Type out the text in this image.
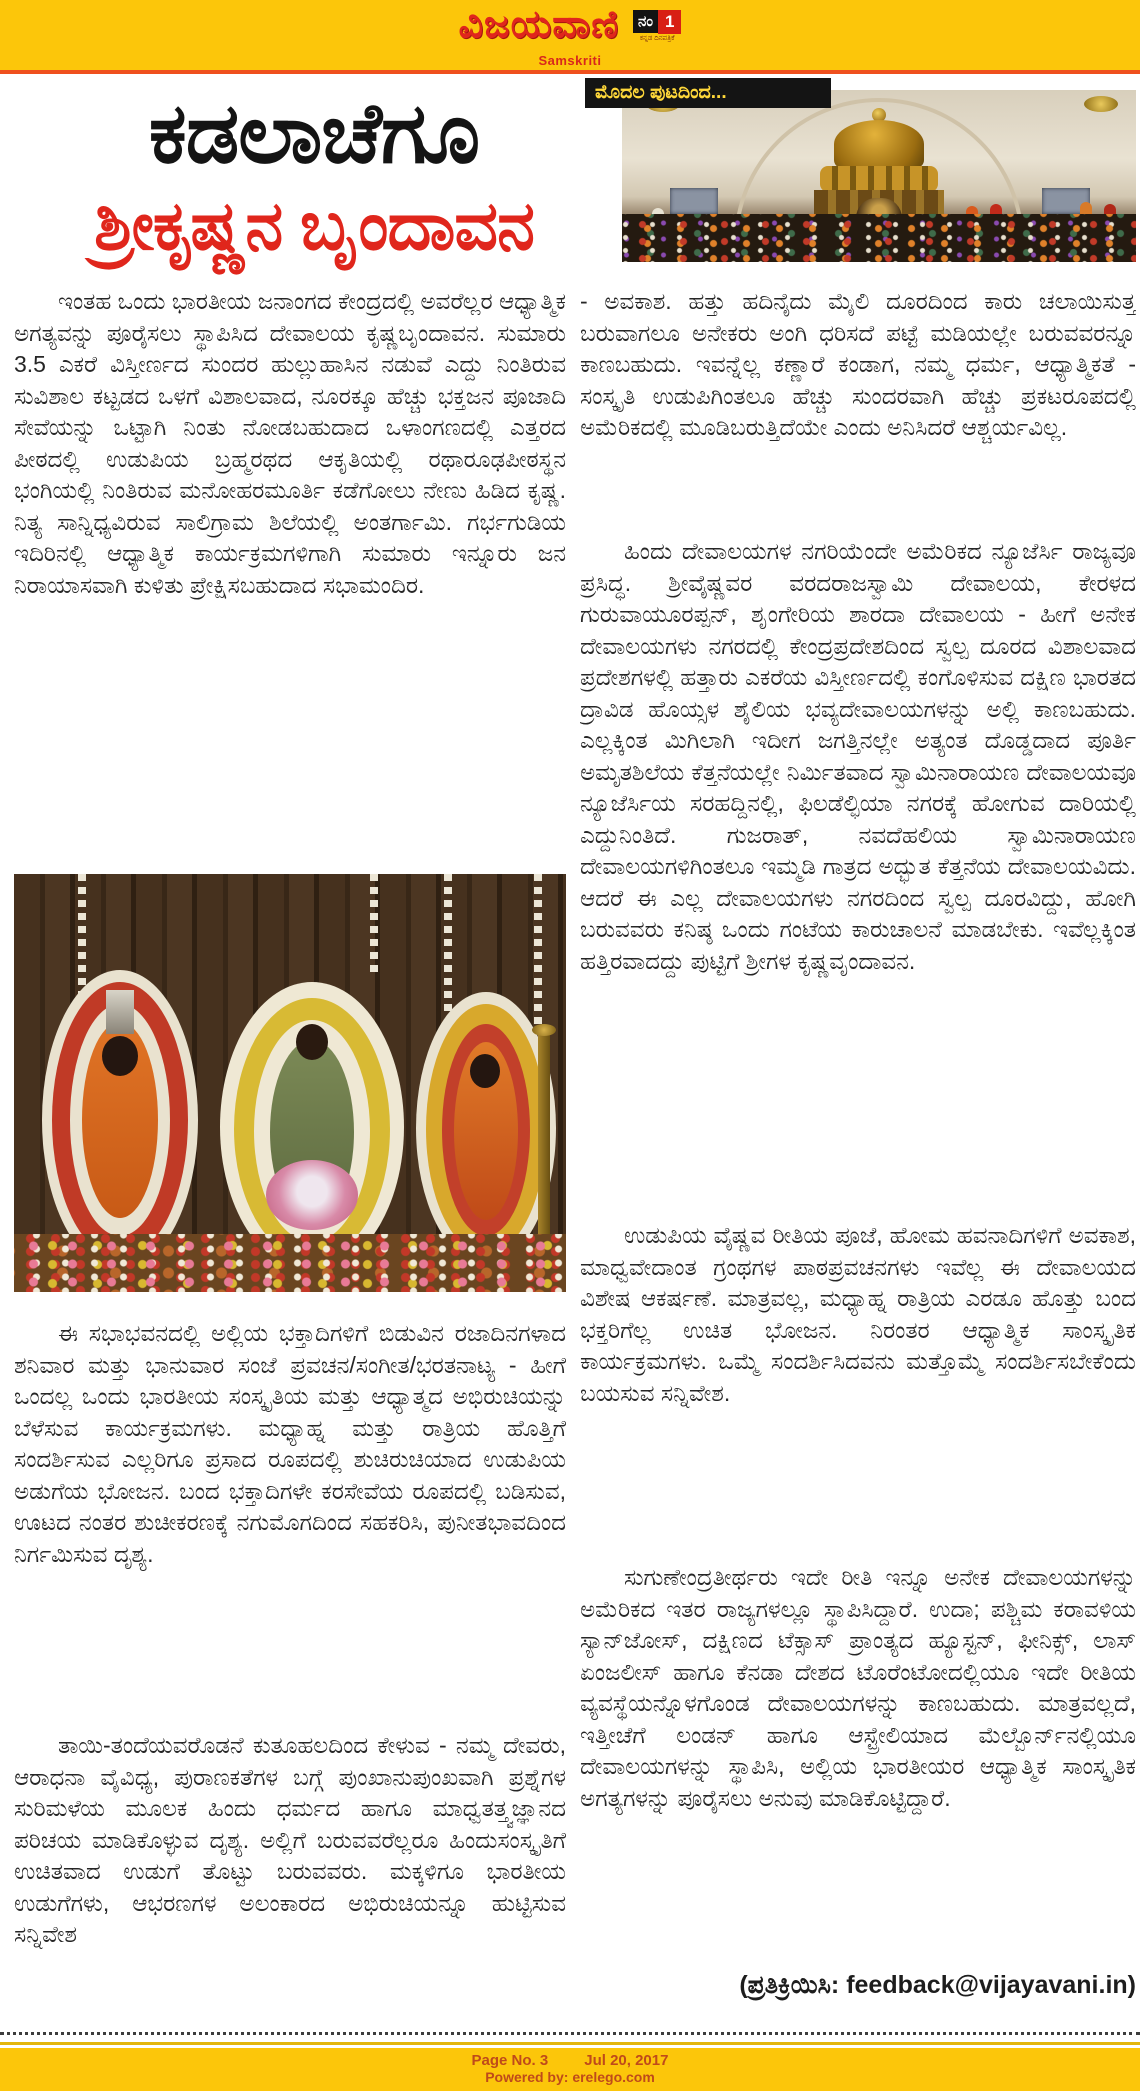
ವಿಜಯವಾಣಿ ನಂ 1
ಕನ್ನಡ ದಿನಪತ್ರಿಕೆ
Samskriti
ಮೊದಲ ಪುಟದಿಂದ...
ಕಡಲಾಚೆಗೂ
ಶ್ರೀಕೃಷ್ಣನ ಬೃಂದಾವನ

ಇಂತಹ ಒಂದು ಭಾರತೀಯ ಜನಾಂಗದ ಕೇಂದ್ರದಲ್ಲಿ ಅವರೆಲ್ಲರ ಆಧ್ಯಾತ್ಮಿಕ ಅಗತ್ಯವನ್ನು ಪೂರೈಸಲು ಸ್ಥಾಪಿಸಿದ ದೇವಾಲಯ ಕೃಷ್ಣಬೃಂದಾವನ. ಸುಮಾರು 3.5 ಎಕರೆ ವಿಸ್ತೀರ್ಣದ ಸುಂದರ ಹುಲ್ಲುಹಾಸಿನ ನಡುವೆ ಎದ್ದು ನಿಂತಿರುವ ಸುವಿಶಾಲ ಕಟ್ಟಡದ ಒಳಗೆ ವಿಶಾಲವಾದ, ನೂರಕ್ಕೂ ಹೆಚ್ಚು ಭಕ್ತಜನ ಪೂಜಾದಿ ಸೇವೆಯನ್ನು ಒಟ್ಟಾಗಿ ನಿಂತು ನೋಡಬಹುದಾದ ಒಳಾಂಗಣದಲ್ಲಿ ಎತ್ತರದ ಪೀಠದಲ್ಲಿ ಉಡುಪಿಯ ಬ್ರಹ್ಮರಥದ ಆಕೃತಿಯಲ್ಲಿ ರಥಾರೂಢಪೀಠಸ್ಥನ ಭಂಗಿಯಲ್ಲಿ ನಿಂತಿರುವ ಮನೋಹರಮೂರ್ತಿ ಕಡೆಗೋಲು ನೇಣು ಹಿಡಿದ ಕೃಷ್ಣ. ನಿತ್ಯ ಸಾನ್ನಿಧ್ಯವಿರುವ ಸಾಲಿಗ್ರಾಮ ಶಿಲೆಯಲ್ಲಿ ಅಂತರ್ಗಾಮಿ. ಗರ್ಭಗುಡಿಯ ಇದಿರಿನಲ್ಲಿ ಆಧ್ಯಾತ್ಮಿಕ ಕಾರ್ಯಕ್ರಮಗಳಿಗಾಗಿ ಸುಮಾರು ಇನ್ನೂರು ಜನ ನಿರಾಯಾಸವಾಗಿ ಕುಳಿತು ಪ್ರೇಕ್ಷಿಸಬಹುದಾದ ಸಭಾಮಂದಿರ.

ಈ ಸಭಾಭವನದಲ್ಲಿ ಅಲ್ಲಿಯ ಭಕ್ತಾದಿಗಳಿಗೆ ಬಿಡುವಿನ ರಜಾದಿನಗಳಾದ ಶನಿವಾರ ಮತ್ತು ಭಾನುವಾರ ಸಂಜೆ ಪ್ರವಚನ/ಸಂಗೀತ/ಭರತನಾಟ್ಯ - ಹೀಗೆ ಒಂದಲ್ಲ ಒಂದು ಭಾರತೀಯ ಸಂಸ್ಕೃತಿಯ ಮತ್ತು ಆಧ್ಯಾತ್ಮದ ಅಭಿರುಚಿಯನ್ನು ಬೆಳೆಸುವ ಕಾರ್ಯಕ್ರಮಗಳು. ಮಧ್ಯಾಹ್ನ ಮತ್ತು ರಾತ್ರಿಯ ಹೊತ್ತಿಗೆ ಸಂದರ್ಶಿಸುವ ಎಲ್ಲರಿಗೂ ಪ್ರಸಾದ ರೂಪದಲ್ಲಿ ಶುಚಿರುಚಿಯಾದ ಉಡುಪಿಯ ಅಡುಗೆಯ ಭೋಜನ. ಬಂದ ಭಕ್ತಾದಿಗಳೇ ಕರಸೇವೆಯ ರೂಪದಲ್ಲಿ ಬಡಿಸುವ, ಊಟದ ನಂತರ ಶುಚೀಕರಣಕ್ಕೆ ನಗುಮೊಗದಿಂದ ಸಹಕರಿಸಿ, ಪುನೀತಭಾವದಿಂದ ನಿರ್ಗಮಿಸುವ ದೃಶ್ಯ.

ತಾಯಿ-ತಂದೆಯವರೊಡನೆ ಕುತೂಹಲದಿಂದ ಕೇಳುವ - ನಮ್ಮ ದೇವರು, ಆರಾಧನಾ ವೈವಿಧ್ಯ, ಪುರಾಣಕತೆಗಳ ಬಗ್ಗೆ ಪುಂಖಾನುಪುಂಖವಾಗಿ ಪ್ರಶ್ನೆಗಳ ಸುರಿಮಳೆಯ ಮೂಲಕ ಹಿಂದು ಧರ್ಮದ ಹಾಗೂ ಮಾಧ್ವತತ್ತ್ವಜ್ಞಾನದ ಪರಿಚಯ ಮಾಡಿಕೊಳ್ಳುವ ದೃಶ್ಯ. ಅಲ್ಲಿಗೆ ಬರುವವರೆಲ್ಲರೂ ಹಿಂದುಸಂಸ್ಕೃತಿಗೆ ಉಚಿತವಾದ ಉಡುಗೆ ತೊಟ್ಟು ಬರುವವರು. ಮಕ್ಕಳಿಗೂ ಭಾರತೀಯ ಉಡುಗೆಗಳು, ಆಭರಣಗಳ ಅಲಂಕಾರದ ಅಭಿರುಚಿಯನ್ನೂ ಹುಟ್ಟಿಸುವ ಸನ್ನಿವೇಶ

- ಅವಕಾಶ. ಹತ್ತು ಹದಿನೈದು ಮೈಲಿ ದೂರದಿಂದ ಕಾರು ಚಲಾಯಿಸುತ್ತ ಬರುವಾಗಲೂ ಅನೇಕರು ಅಂಗಿ ಧರಿಸದೆ ಪಟ್ಟೆ ಮಡಿಯಲ್ಲೇ ಬರುವವರನ್ನೂ ಕಾಣಬಹುದು. ಇವನ್ನೆಲ್ಲ ಕಣ್ಣಾರೆ ಕಂಡಾಗ, ನಮ್ಮ ಧರ್ಮ, ಆಧ್ಯಾತ್ಮಿಕತೆ - ಸಂಸ್ಕೃತಿ ಉಡುಪಿಗಿಂತಲೂ ಹೆಚ್ಚು ಸುಂದರವಾಗಿ ಹೆಚ್ಚು ಪ್ರಕಟರೂಪದಲ್ಲಿ ಅಮೆರಿಕದಲ್ಲಿ ಮೂಡಿಬರುತ್ತಿದೆಯೇ ಎಂದು ಅನಿಸಿದರೆ ಆಶ್ಚರ್ಯವಿಲ್ಲ.

ಹಿಂದು ದೇವಾಲಯಗಳ ನಗರಿಯೆಂದೇ ಅಮೆರಿಕದ ನ್ಯೂಜೆರ್ಸಿ ರಾಜ್ಯವೂ ಪ್ರಸಿದ್ಧ. ಶ್ರೀವೈಷ್ಣವರ ವರದರಾಜಸ್ವಾಮಿ ದೇವಾಲಯ, ಕೇರಳದ ಗುರುವಾಯೂರಪ್ಪನ್, ಶೃಂಗೇರಿಯ ಶಾರದಾ ದೇವಾಲಯ - ಹೀಗೆ ಅನೇಕ ದೇವಾಲಯಗಳು ನಗರದಲ್ಲಿ ಕೇಂದ್ರಪ್ರದೇಶದಿಂದ ಸ್ವಲ್ಪ ದೂರದ ವಿಶಾಲವಾದ ಪ್ರದೇಶಗಳಲ್ಲಿ ಹತ್ತಾರು ಎಕರೆಯ ವಿಸ್ತೀರ್ಣದಲ್ಲಿ ಕಂಗೊಳಿಸುವ ದಕ್ಷಿಣ ಭಾರತದ ದ್ರಾವಿಡ ಹೊಯ್ಸಳ ಶೈಲಿಯ ಭವ್ಯದೇವಾಲಯಗಳನ್ನು ಅಲ್ಲಿ ಕಾಣಬಹುದು. ಎಲ್ಲಕ್ಕಿಂತ ಮಿಗಿಲಾಗಿ ಇದೀಗ ಜಗತ್ತಿನಲ್ಲೇ ಅತ್ಯಂತ ದೊಡ್ಡದಾದ ಪೂರ್ತಿ ಅಮೃತಶಿಲೆಯ ಕೆತ್ತನೆಯಲ್ಲೇ ನಿರ್ಮಿತವಾದ ಸ್ವಾಮಿನಾರಾಯಣ ದೇವಾಲಯವೂ ನ್ಯೂಜೆರ್ಸಿಯ ಸರಹದ್ದಿನಲ್ಲಿ, ಫಿಲಡೆಲ್ಫಿಯಾ ನಗರಕ್ಕೆ ಹೋಗುವ ದಾರಿಯಲ್ಲಿ ಎದ್ದುನಿಂತಿದೆ. ಗುಜರಾತ್, ನವದೆಹಲಿಯ ಸ್ವಾಮಿನಾರಾಯಣ ದೇವಾಲಯಗಳಿಗಿಂತಲೂ ಇಮ್ಮಡಿ ಗಾತ್ರದ ಅದ್ಭುತ ಕೆತ್ತನೆಯ ದೇವಾಲಯವಿದು. ಆದರೆ ಈ ಎಲ್ಲ ದೇವಾಲಯಗಳು ನಗರದಿಂದ ಸ್ವಲ್ಪ ದೂರವಿದ್ದು, ಹೋಗಿ ಬರುವವರು ಕನಿಷ್ಠ ಒಂದು ಗಂಟೆಯ ಕಾರುಚಾಲನೆ ಮಾಡಬೇಕು. ಇವೆಲ್ಲಕ್ಕಿಂತ ಹತ್ತಿರವಾದದ್ದು ಪುಟ್ಟಿಗೆ ಶ್ರೀಗಳ ಕೃಷ್ಣವೃಂದಾವನ.

ಉಡುಪಿಯ ವೈಷ್ಣವ ರೀತಿಯ ಪೂಜೆ, ಹೋಮ ಹವನಾದಿಗಳಿಗೆ ಅವಕಾಶ, ಮಾಧ್ವವೇದಾಂತ ಗ್ರಂಥಗಳ ಪಾಠಪ್ರವಚನಗಳು ಇವೆಲ್ಲ ಈ ದೇವಾಲಯದ ವಿಶೇಷ ಆಕರ್ಷಣೆ. ಮಾತ್ರವಲ್ಲ, ಮಧ್ಯಾಹ್ನ ರಾತ್ರಿಯ ಎರಡೂ ಹೊತ್ತು ಬಂದ ಭಕ್ತರಿಗೆಲ್ಲ ಉಚಿತ ಭೋಜನ. ನಿರಂತರ ಆಧ್ಯಾತ್ಮಿಕ ಸಾಂಸ್ಕೃತಿಕ ಕಾರ್ಯಕ್ರಮಗಳು. ಒಮ್ಮೆ ಸಂದರ್ಶಿಸಿದವನು ಮತ್ತೊಮ್ಮೆ ಸಂದರ್ಶಿಸಬೇಕೆಂದು ಬಯಸುವ ಸನ್ನಿವೇಶ.

ಸುಗುಣೇಂದ್ರತೀರ್ಥರು ಇದೇ ರೀತಿ ಇನ್ನೂ ಅನೇಕ ದೇವಾಲಯಗಳನ್ನು ಅಮೆರಿಕದ ಇತರ ರಾಜ್ಯಗಳಲ್ಲೂ ಸ್ಥಾಪಿಸಿದ್ದಾರೆ. ಉದಾ; ಪಶ್ಚಿಮ ಕರಾವಳಿಯ ಸ್ಯಾನ್‌ಜೋಸ್, ದಕ್ಷಿಣದ ಟೆಕ್ಸಾಸ್ ಪ್ರಾಂತ್ಯದ ಹ್ಯೂಸ್ಟನ್, ಫೀನಿಕ್ಸ್, ಲಾಸ್ ಏಂಜಲೀಸ್ ಹಾಗೂ ಕೆನಡಾ ದೇಶದ ಟೊರೆಂಟೋದಲ್ಲಿಯೂ ಇದೇ ರೀತಿಯ ವ್ಯವಸ್ಥೆಯನ್ನೊಳಗೊಂಡ ದೇವಾಲಯಗಳನ್ನು ಕಾಣಬಹುದು. ಮಾತ್ರವಲ್ಲದೆ, ಇತ್ತೀಚೆಗೆ ಲಂಡನ್ ಹಾಗೂ ಆಸ್ಟ್ರೇಲಿಯಾದ ಮೆಲ್ಬೊರ್ನ್‌ನಲ್ಲಿಯೂ ದೇವಾಲಯಗಳನ್ನು ಸ್ಥಾಪಿಸಿ, ಅಲ್ಲಿಯ ಭಾರತೀಯರ ಆಧ್ಯಾತ್ಮಿಕ ಸಾಂಸ್ಕೃತಿಕ ಅಗತ್ಯಗಳನ್ನು ಪೂರೈಸಲು ಅನುವು ಮಾಡಿಕೊಟ್ಟಿದ್ದಾರೆ.

(ಪ್ರತಿಕ್ರಿಯಿಸಿ: feedback@vijayavani.in)
Page No. 3 Jul 20, 2017
Powered by: erelego.com
